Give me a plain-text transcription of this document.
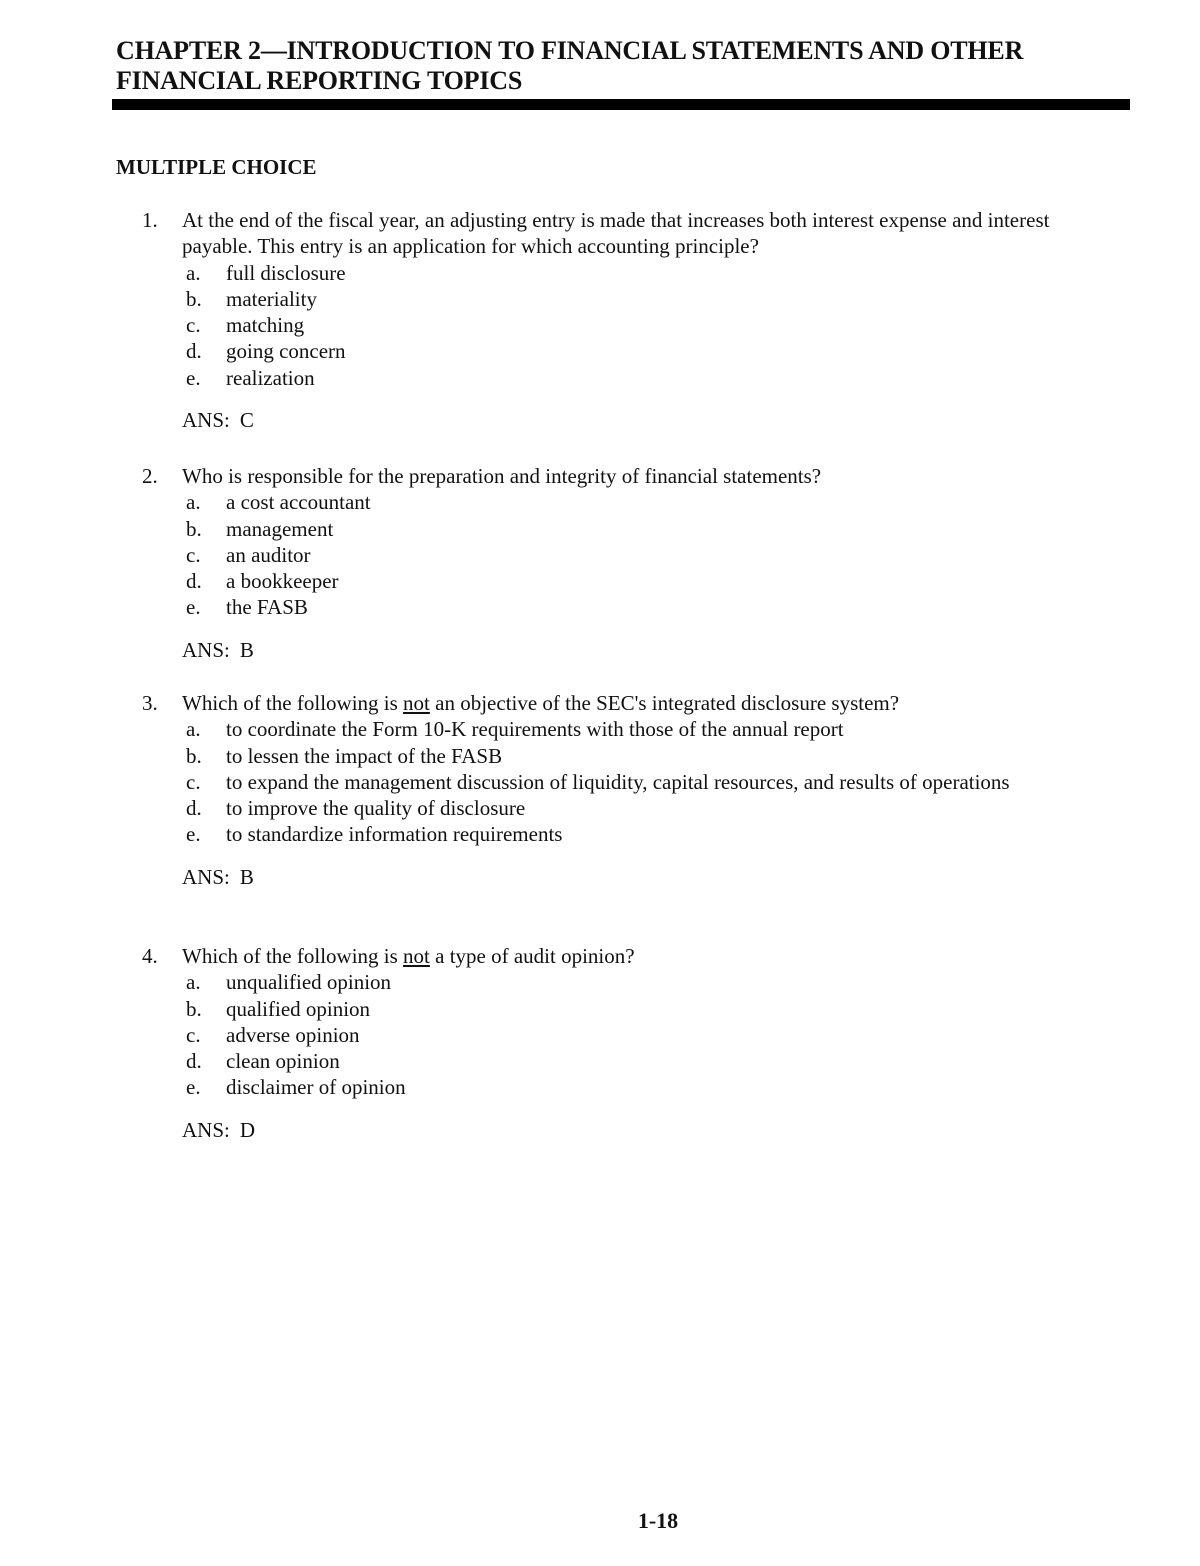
CHAPTER 2—INTRODUCTION TO FINANCIAL STATEMENTS AND OTHER
FINANCIAL REPORTING TOPICS
MULTIPLE CHOICE
1.	At the end of the fiscal year, an adjusting entry is made that increases both interest expense and interest payable. This entry is an application for which accounting principle?
a.	full disclosure
b.	materiality
c.	matching
d.	going concern
e.	realization
ANS: C
2.	Who is responsible for the preparation and integrity of financial statements?
a.	a cost accountant
b.	management
c.	an auditor
d.	a bookkeeper
e.	the FASB
ANS: B
3.	Which of the following is not an objective of the SEC's integrated disclosure system?
a.	to coordinate the Form 10-K requirements with those of the annual report
b.	to lessen the impact of the FASB
c.	to expand the management discussion of liquidity, capital resources, and results of operations
d.	to improve the quality of disclosure
e.	to standardize information requirements
ANS: B
4.	Which of the following is not a type of audit opinion?
a.	unqualified opinion
b.	qualified opinion
c.	adverse opinion
d.	clean opinion
e.	disclaimer of opinion
ANS: D
1-18
